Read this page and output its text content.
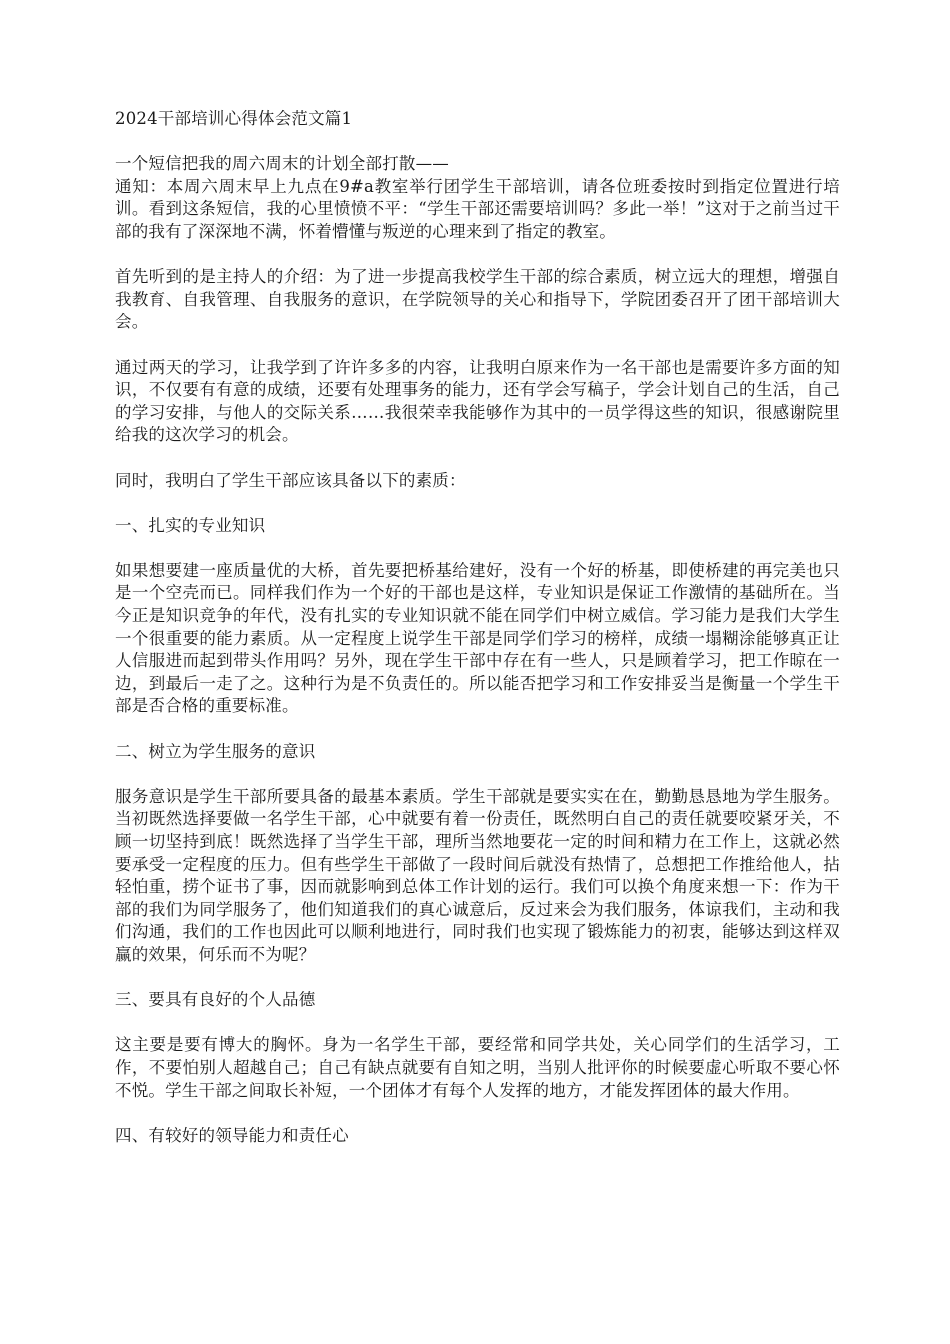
2024干部培训心得体会范文篇1

一个短信把我的周六周末的计划全部打散——

通知：本周六周末早上九点在9#a教室举行团学生干部培训，请各位班委按时到指定位置进行培训。看到这条短信，我的心里愤愤不平：“学生干部还需要培训吗？多此一举！”这对于之前当过干部的我有了深深地不满，怀着懵懂与叛逆的心理来到了指定的教室。

首先听到的是主持人的介绍：为了进一步提高我校学生干部的综合素质，树立远大的理想，增强自我教育、自我管理、自我服务的意识，在学院领导的关心和指导下，学院团委召开了团干部培训大会。

通过两天的学习，让我学到了许许多多的内容，让我明白原来作为一名干部也是需要许多方面的知识，不仅要有有意的成绩，还要有处理事务的能力，还有学会写稿子，学会计划自己的生活，自己的学习安排，与他人的交际关系……我很荣幸我能够作为其中的一员学得这些的知识，很感谢院里给我的这次学习的机会。

同时，我明白了学生干部应该具备以下的素质：

一、扎实的专业知识

如果想要建一座质量优的大桥，首先要把桥基给建好，没有一个好的桥基，即使桥建的再完美也只是一个空壳而已。同样我们作为一个好的干部也是这样，专业知识是保证工作激情的基础所在。当今正是知识竞争的年代，没有扎实的专业知识就不能在同学们中树立威信。学习能力是我们大学生一个很重要的能力素质。从一定程度上说学生干部是同学们学习的榜样，成绩一塌糊涂能够真正让人信服进而起到带头作用吗？另外，现在学生干部中存在有一些人，只是顾着学习，把工作晾在一边，到最后一走了之。这种行为是不负责任的。所以能否把学习和工作安排妥当是衡量一个学生干部是否合格的重要标准。

二、树立为学生服务的意识

服务意识是学生干部所要具备的最基本素质。学生干部就是要实实在在，勤勤恳恳地为学生服务。当初既然选择要做一名学生干部，心中就要有着一份责任，既然明白自己的责任就要咬紧牙关，不顾一切坚持到底！既然选择了当学生干部，理所当然地要花一定的时间和精力在工作上，这就必然要承受一定程度的压力。但有些学生干部做了一段时间后就没有热情了，总想把工作推给他人，拈轻怕重，捞个证书了事，因而就影响到总体工作计划的运行。我们可以换个角度来想一下：作为干部的我们为同学服务了，他们知道我们的真心诚意后，反过来会为我们服务，体谅我们，主动和我们沟通，我们的工作也因此可以顺利地进行，同时我们也实现了锻炼能力的初衷，能够达到这样双赢的效果，何乐而不为呢？

三、要具有良好的个人品德

这主要是要有博大的胸怀。身为一名学生干部，要经常和同学共处，关心同学们的生活学习，工作，不要怕别人超越自己；自己有缺点就要有自知之明，当别人批评你的时候要虚心听取不要心怀不悦。学生干部之间取长补短，一个团体才有每个人发挥的地方，才能发挥团体的最大作用。

四、有较好的领导能力和责任心
